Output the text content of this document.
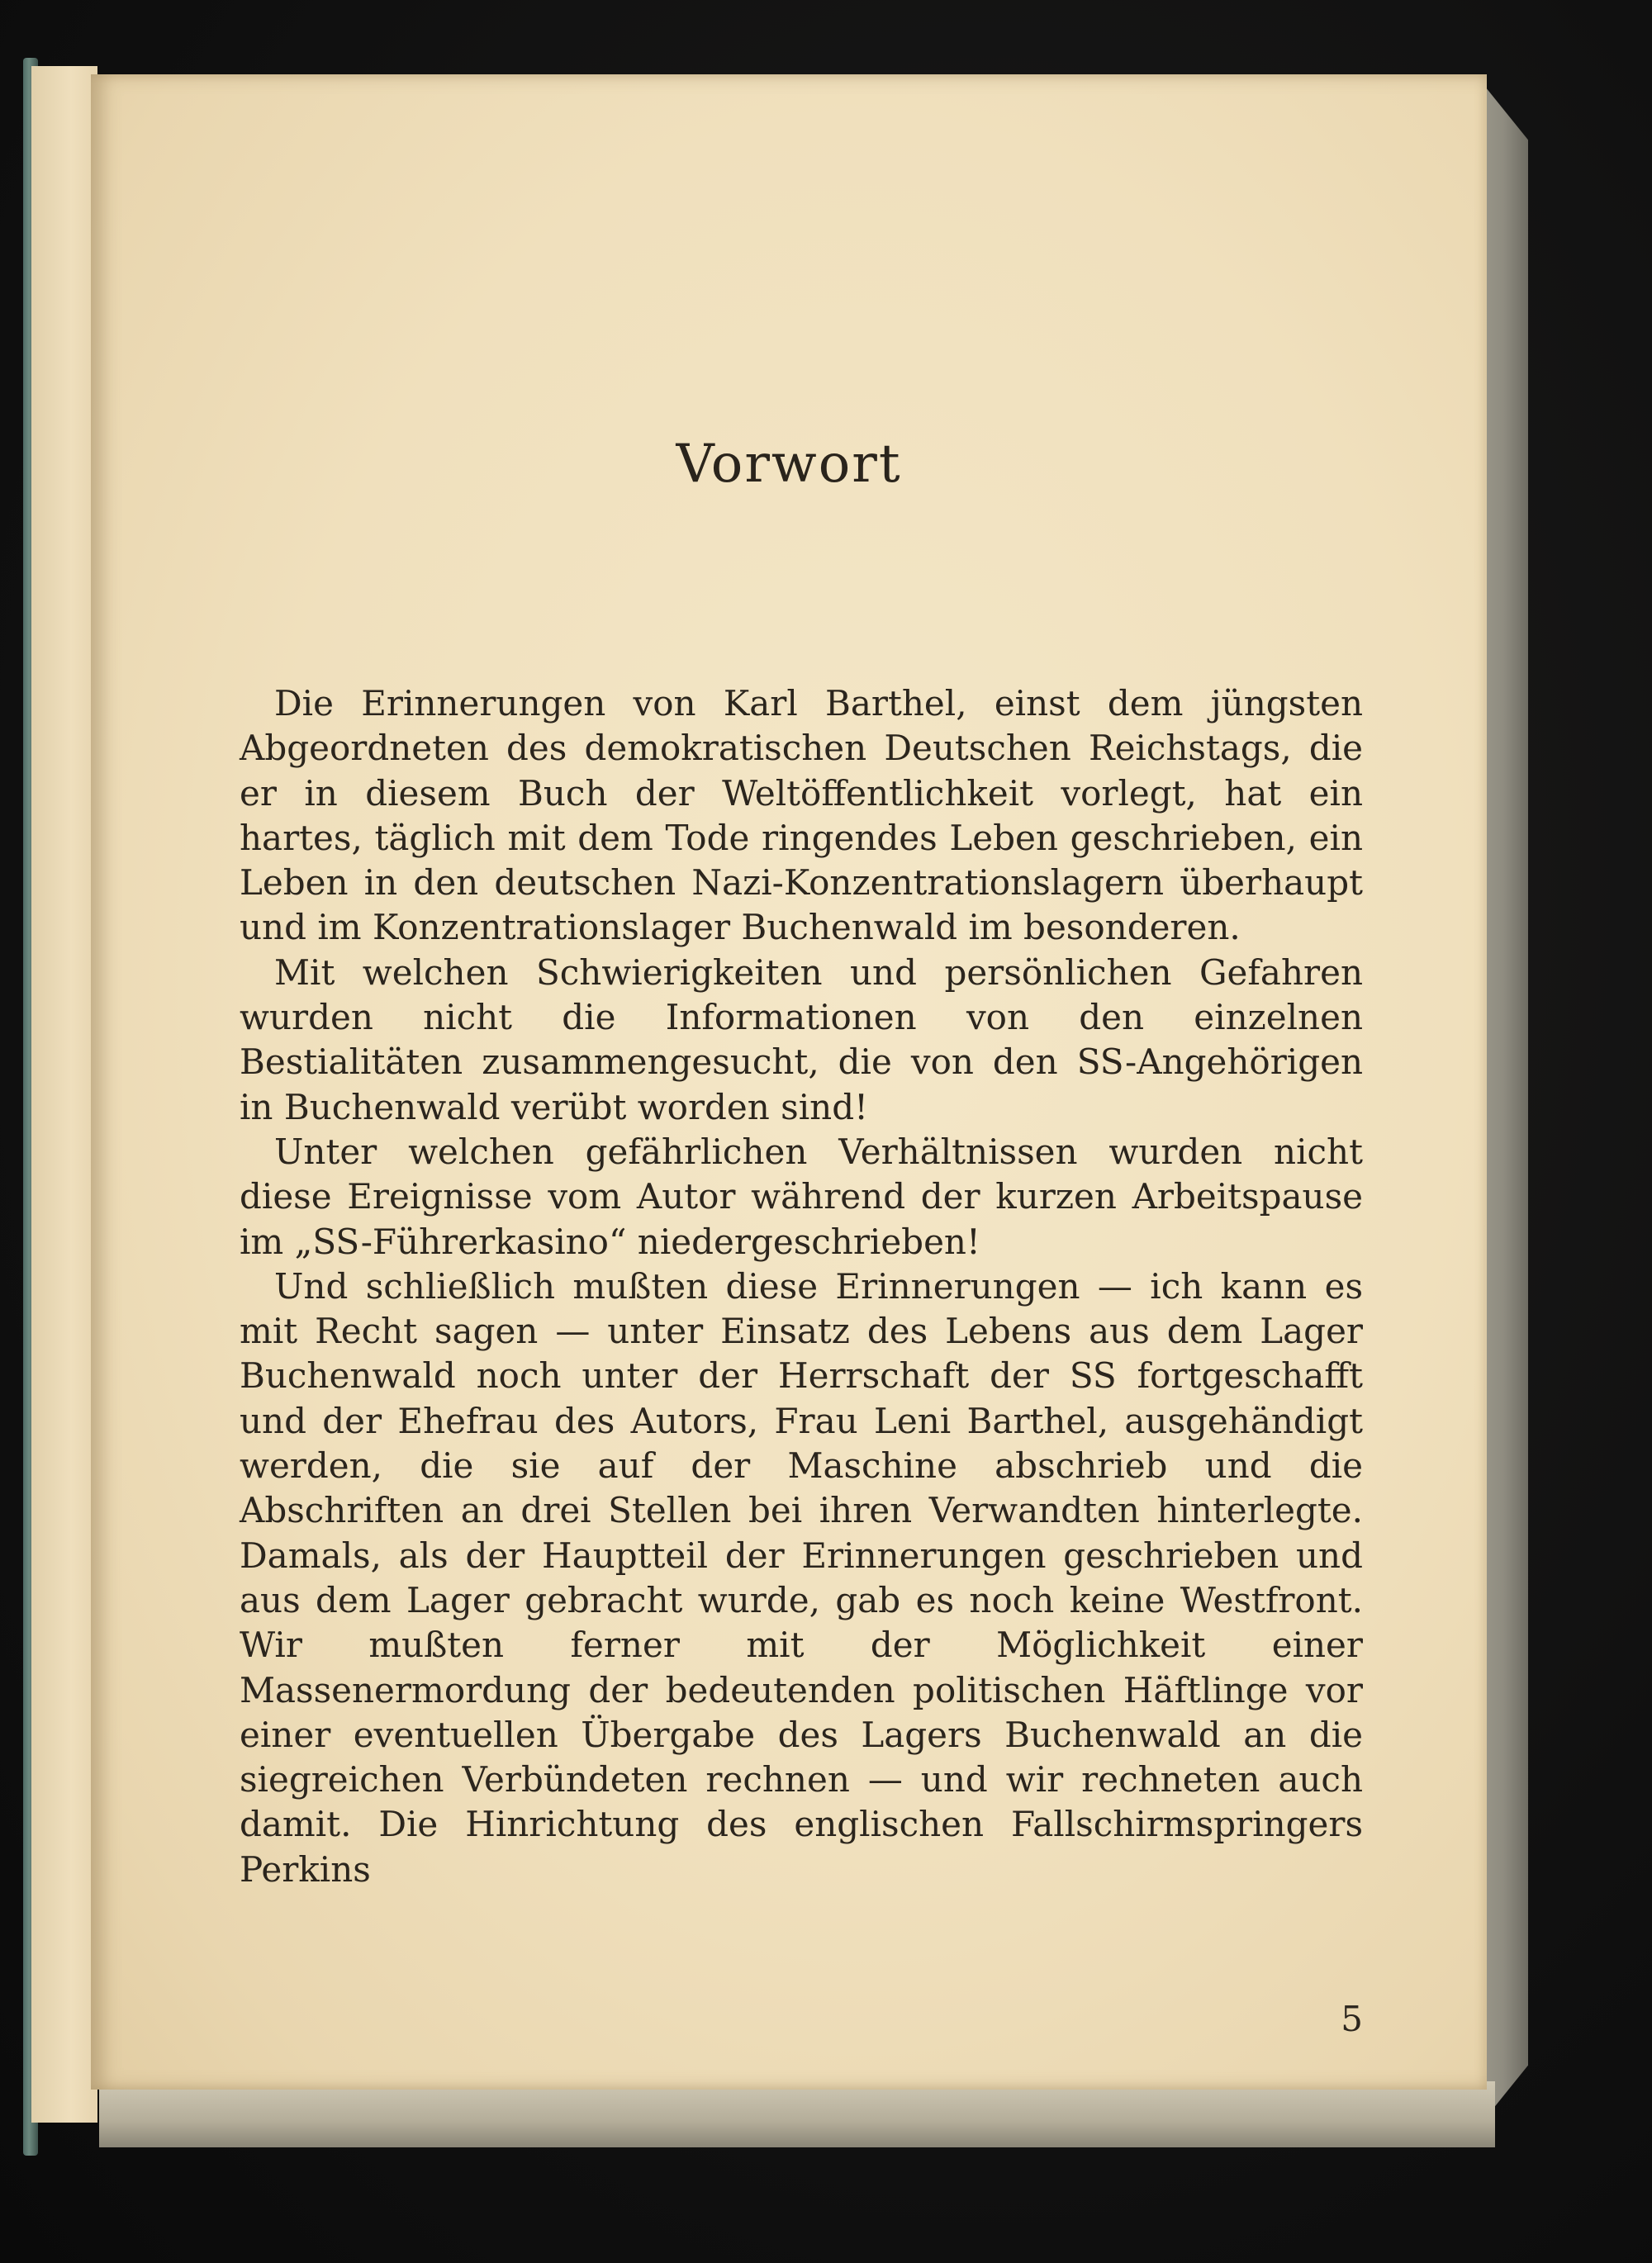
Vorwort

Die Erinnerungen von Karl Barthel, einst dem jüngsten Abgeordneten des demokratischen Deutschen Reichstags, die er in diesem Buch der Weltöffentlichkeit vorlegt, hat ein hartes, täglich mit dem Tode ringendes Leben geschrieben, ein Leben in den deutschen Nazi-Konzentrationslagern überhaupt und im Konzentrationslager Buchenwald im besonderen.

Mit welchen Schwierigkeiten und persönlichen Gefahren wurden nicht die Informationen von den einzelnen Bestialitäten zusammengesucht, die von den SS-Angehörigen in Buchenwald verübt worden sind!

Unter welchen gefährlichen Verhältnissen wurden nicht diese Ereignisse vom Autor während der kurzen Arbeitspause im „SS-Führerkasino“ niedergeschrieben!

Und schließlich mußten diese Erinnerungen — ich kann es mit Recht sagen — unter Einsatz des Lebens aus dem Lager Buchenwald noch unter der Herrschaft der SS fortgeschafft und der Ehefrau des Autors, Frau Leni Barthel, ausgehändigt werden, die sie auf der Maschine abschrieb und die Abschriften an drei Stellen bei ihren Verwandten hinterlegte. Damals, als der Hauptteil der Erinnerungen geschrieben und aus dem Lager gebracht wurde, gab es noch keine Westfront. Wir mußten ferner mit der Möglichkeit einer Massenermordung der bedeutenden politischen Häftlinge vor einer eventuellen Übergabe des Lagers Buchenwald an die siegreichen Verbündeten rechnen — und wir rechneten auch damit. Die Hinrichtung des englischen Fallschirmspringers Perkins

5
